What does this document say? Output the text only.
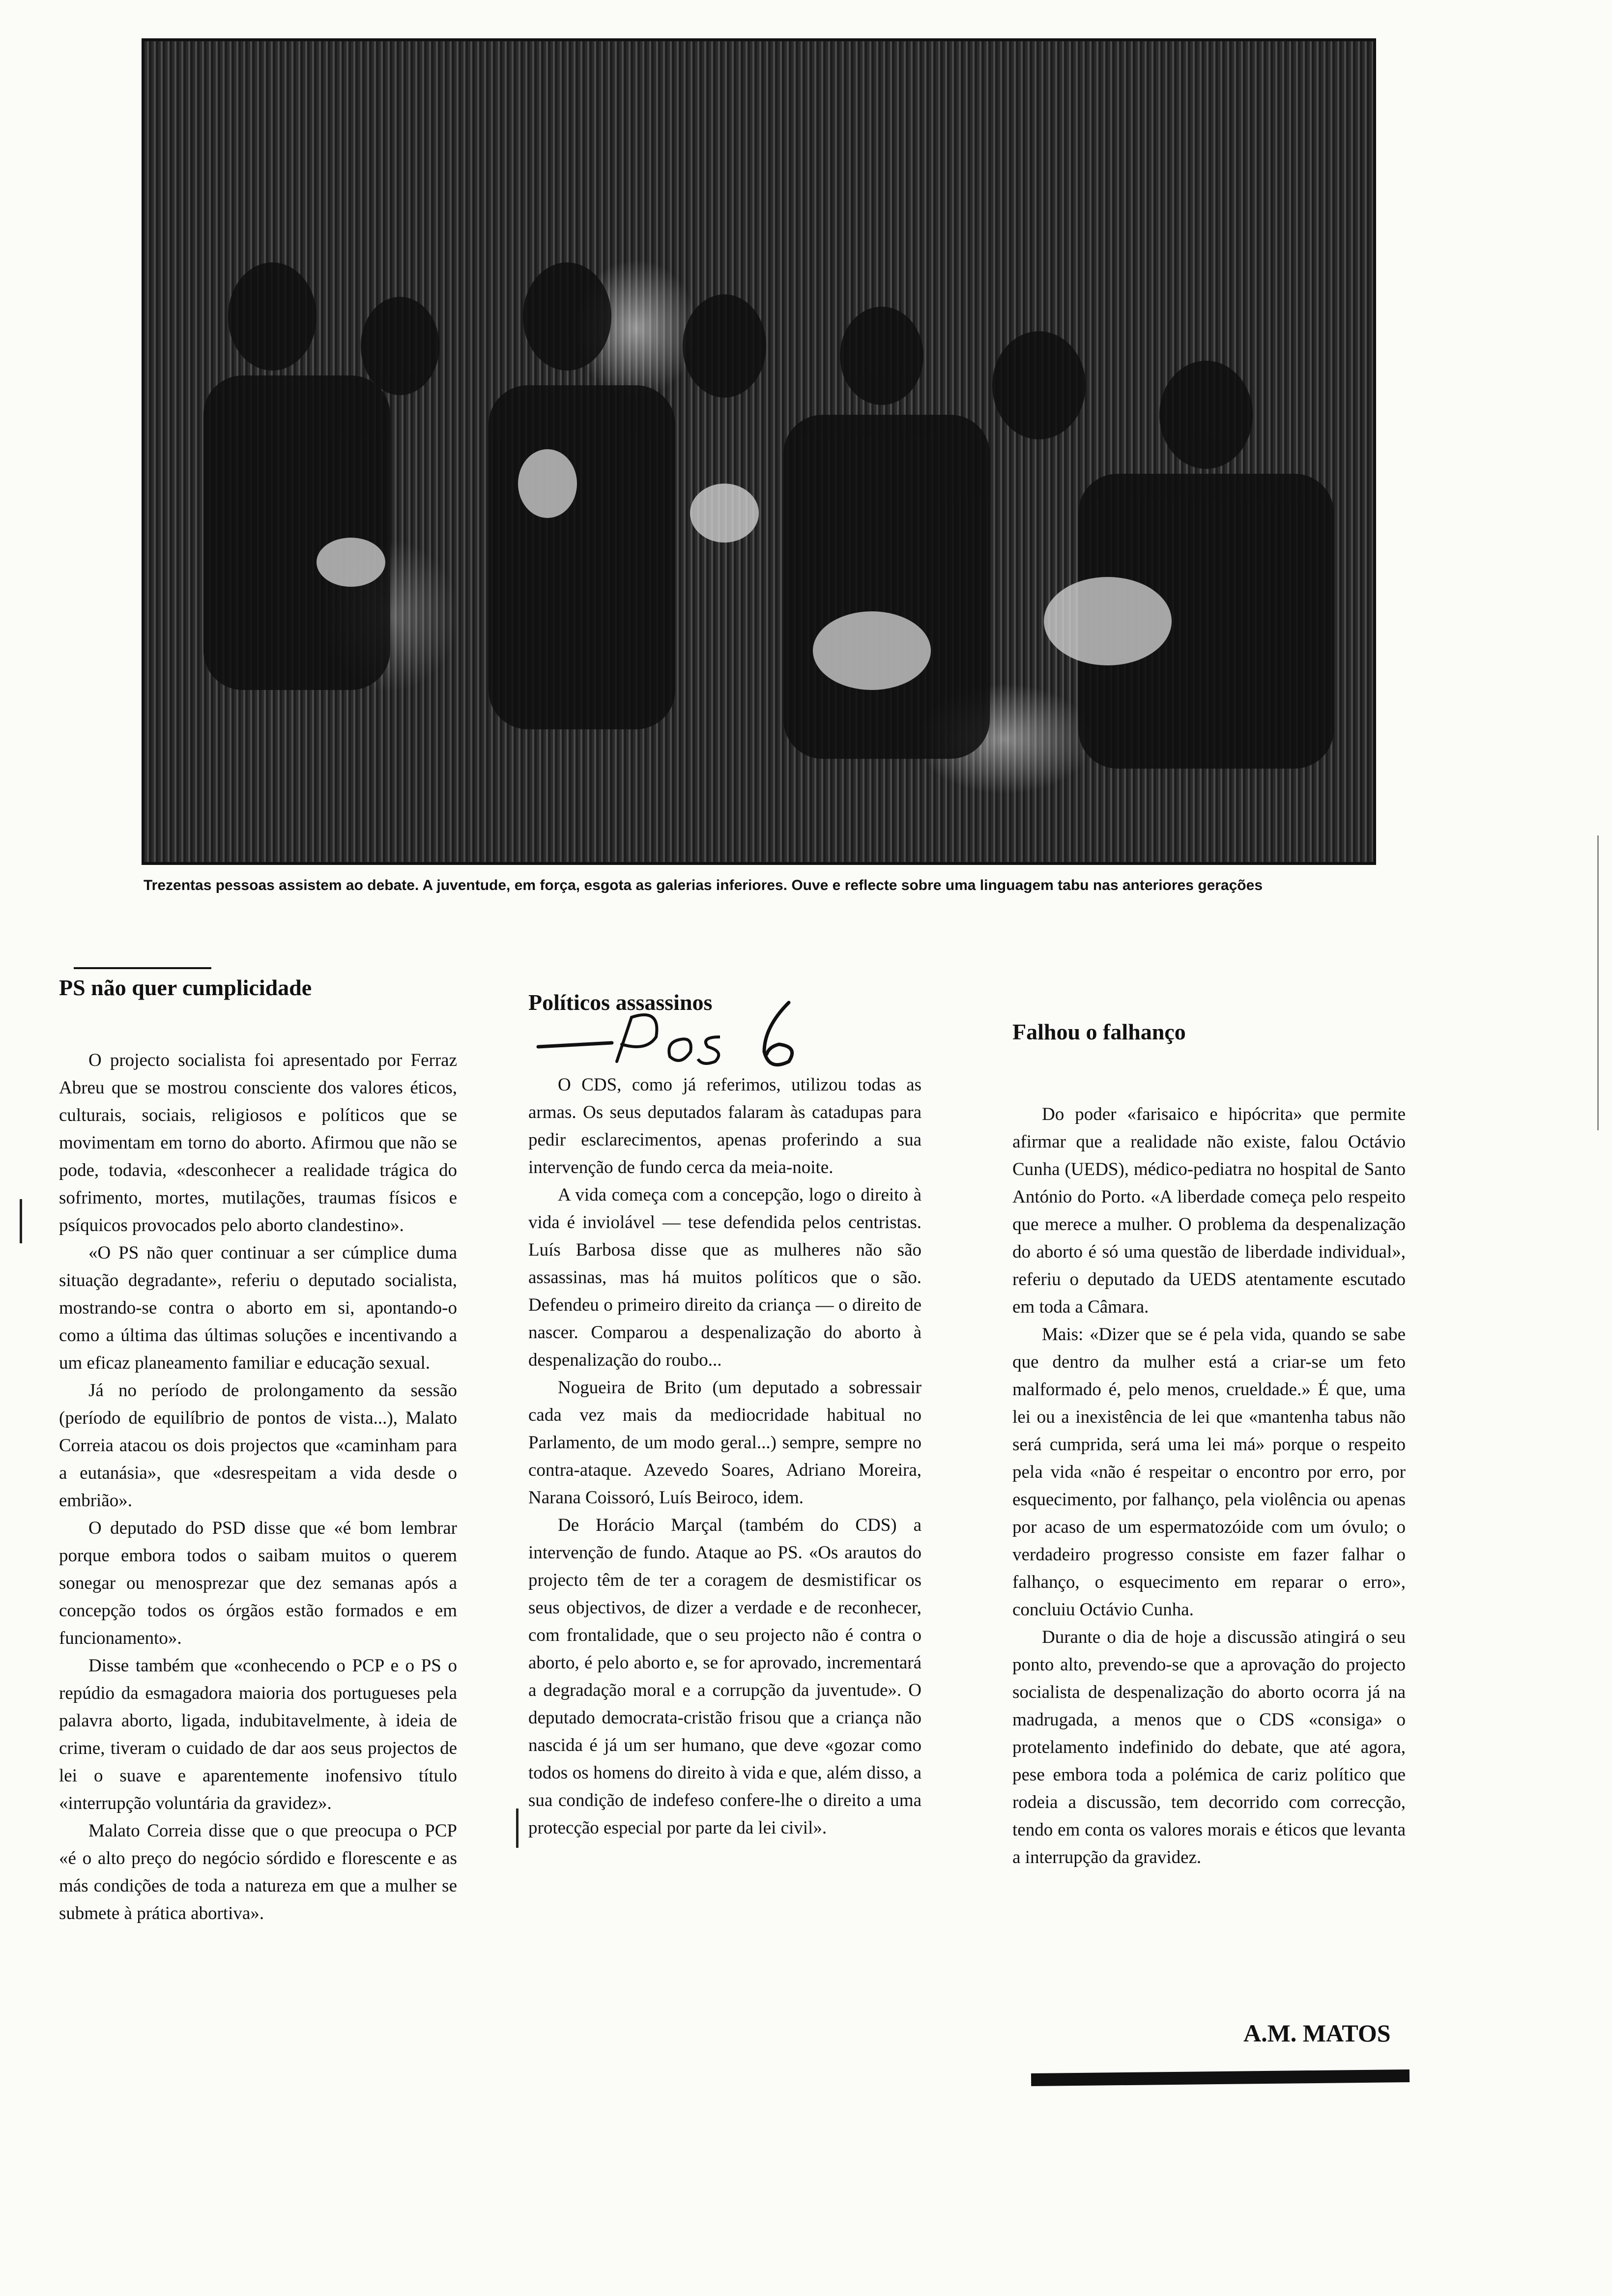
Trezentas pessoas assistem ao debate. A juventude, em força, esgota as galerias inferiores. Ouve e reflecte sobre uma linguagem tabu nas anteriores gerações
PS não quer cumplicidade

O projecto socialista foi apresentado por Ferraz Abreu que se mostrou consciente dos valores éticos, culturais, sociais, religiosos e políticos que se movimentam em torno do aborto. Afirmou que não se pode, todavia, «desconhecer a realidade trágica do sofrimento, mortes, mutilações, traumas físicos e psíquicos provocados pelo aborto clandestino».

«O PS não quer continuar a ser cúmplice duma situação degradante», referiu o deputado socialista, mostrando-se contra o aborto em si, apontando-o como a última das últimas soluções e incentivando a um eficaz planeamento familiar e educação sexual.

Já no período de prolongamento da sessão (período de equilíbrio de pontos de vista...), Malato Correia atacou os dois projectos que «caminham para a eutanásia», que «desrespeitam a vida desde o embrião».

O deputado do PSD disse que «é bom lembrar porque embora todos o saibam muitos o querem sonegar ou menosprezar que dez semanas após a concepção todos os órgãos estão formados e em funcionamento».

Disse também que «conhecendo o PCP e o PS o repúdio da esmagadora maioria dos portugueses pela palavra aborto, ligada, indubitavelmente, à ideia de crime, tiveram o cuidado de dar aos seus projectos de lei o suave e aparentemente inofensivo título «interrupção voluntária da gravidez».

Malato Correia disse que o que preocupa o PCP «é o alto preço do negócio sórdido e florescente e as más condições de toda a natureza em que a mulher se submete à prática abortiva».

Políticos assassinos

O CDS, como já referimos, utilizou todas as armas. Os seus deputados falaram às catadupas para pedir esclarecimentos, apenas proferindo a sua intervenção de fundo cerca da meia-noite.

A vida começa com a concepção, logo o direito à vida é inviolável — tese defendida pelos centristas. Luís Barbosa disse que as mulheres não são assassinas, mas há muitos políticos que o são. Defendeu o primeiro direito da criança — o direito de nascer. Comparou a despenalização do aborto à despenalização do roubo...

Nogueira de Brito (um deputado a sobressair cada vez mais da mediocridade habitual no Parlamento, de um modo geral...) sempre, sempre no contra-ataque. Azevedo Soares, Adriano Moreira, Narana Coissoró, Luís Beiroco, idem.

De Horácio Marçal (também do CDS) a intervenção de fundo. Ataque ao PS. «Os arautos do projecto têm de ter a coragem de desmistificar os seus objectivos, de dizer a verdade e de reconhecer, com frontalidade, que o seu projecto não é contra o aborto, é pelo aborto e, se for aprovado, incrementará a degradação moral e a corrupção da juventude». O deputado democrata-cristão frisou que a criança não nascida é já um ser humano, que deve «gozar como todos os homens do direito à vida e que, além disso, a sua condição de indefeso confere-lhe o direito a uma protecção especial por parte da lei civil».

Falhou o falhanço

Do poder «farisaico e hipócrita» que permite afirmar que a realidade não existe, falou Octávio Cunha (UEDS), médico-pediatra no hospital de Santo António do Porto. «A liberdade começa pelo respeito que merece a mulher. O problema da despenalização do aborto é só uma questão de liberdade individual», referiu o deputado da UEDS atentamente escutado em toda a Câmara.

Mais: «Dizer que se é pela vida, quando se sabe que dentro da mulher está a criar-se um feto malformado é, pelo menos, crueldade.» É que, uma lei ou a inexistência de lei que «mantenha tabus não será cumprida, será uma lei má» porque o respeito pela vida «não é respeitar o encontro por erro, por esquecimento, por falhanço, pela violência ou apenas por acaso de um espermatozóide com um óvulo; o verdadeiro progresso consiste em fazer falhar o falhanço, o esquecimento em reparar o erro», concluiu Octávio Cunha.

Durante o dia de hoje a discussão atingirá o seu ponto alto, prevendo-se que a aprovação do projecto socialista de despenalização do aborto ocorra já na madrugada, a menos que o CDS «consiga» o protelamento indefinido do debate, que até agora, pese embora toda a polémica de cariz político que rodeia a discussão, tem decorrido com correcção, tendo em conta os valores morais e éticos que levanta a interrupção da gravidez.

A.M. MATOS
